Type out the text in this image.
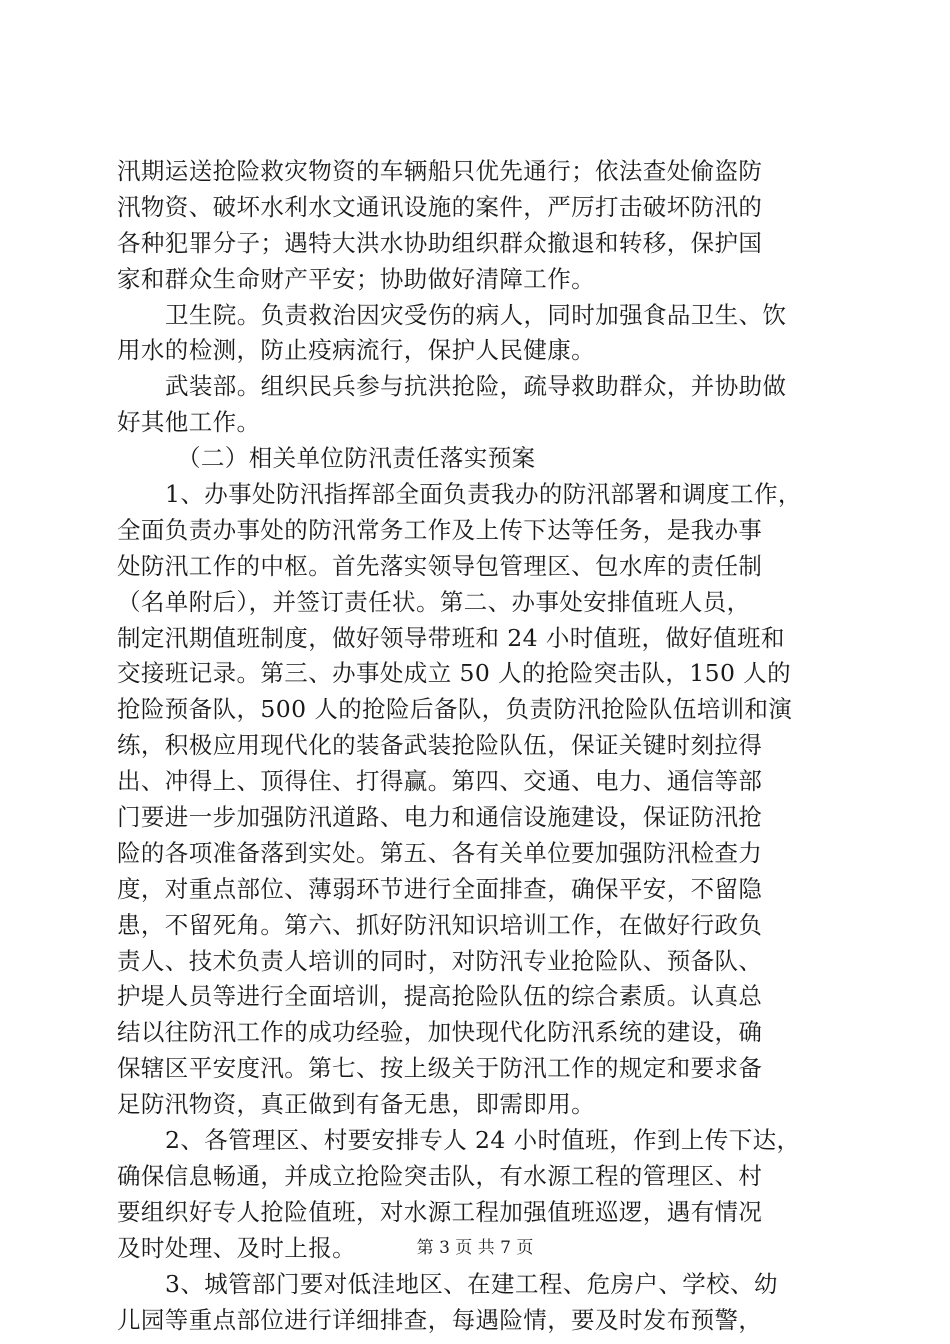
汛期运送抢险救灾物资的车辆船只优先通行；依法查处偷盗防
汛物资、破坏水利水文通讯设施的案件，严厉打击破坏防汛的
各种犯罪分子；遇特大洪水协助组织群众撤退和转移，保护国
家和群众生命财产平安；协助做好清障工作。
卫生院。负责救治因灾受伤的病人，同时加强食品卫生、饮
用水的检测，防止疫病流行，保护人民健康。
武装部。组织民兵参与抗洪抢险，疏导救助群众，并协助做
好其他工作。
（二）相关单位防汛责任落实预案
1、办事处防汛指挥部全面负责我办的防汛部署和调度工作，
全面负责办事处的防汛常务工作及上传下达等任务，是我办事
处防汛工作的中枢。首先落实领导包管理区、包水库的责任制
（名单附后），并签订责任状。第二、办事处安排值班人员，
制定汛期值班制度，做好领导带班和 24 小时值班，做好值班和
交接班记录。第三、办事处成立 50 人的抢险突击队，150 人的
抢险预备队，500 人的抢险后备队，负责防汛抢险队伍培训和演
练，积极应用现代化的装备武装抢险队伍，保证关键时刻拉得
出、冲得上、顶得住、打得赢。第四、交通、电力、通信等部
门要进一步加强防汛道路、电力和通信设施建设，保证防汛抢
险的各项准备落到实处。第五、各有关单位要加强防汛检查力
度，对重点部位、薄弱环节进行全面排查，确保平安，不留隐
患，不留死角。第六、抓好防汛知识培训工作，在做好行政负
责人、技术负责人培训的同时，对防汛专业抢险队、预备队、
护堤人员等进行全面培训，提高抢险队伍的综合素质。认真总
结以往防汛工作的成功经验，加快现代化防汛系统的建设，确
保辖区平安度汛。第七、按上级关于防汛工作的规定和要求备
足防汛物资，真正做到有备无患，即需即用。
2、各管理区、村要安排专人 24 小时值班，作到上传下达，
确保信息畅通，并成立抢险突击队，有水源工程的管理区、村
要组织好专人抢险值班，对水源工程加强值班巡逻，遇有情况
及时处理、及时上报。
3、城管部门要对低洼地区、在建工程、危房户、学校、幼
儿园等重点部位进行详细排查，每遇险情，要及时发布预警，
第 3 页 共 7 页
